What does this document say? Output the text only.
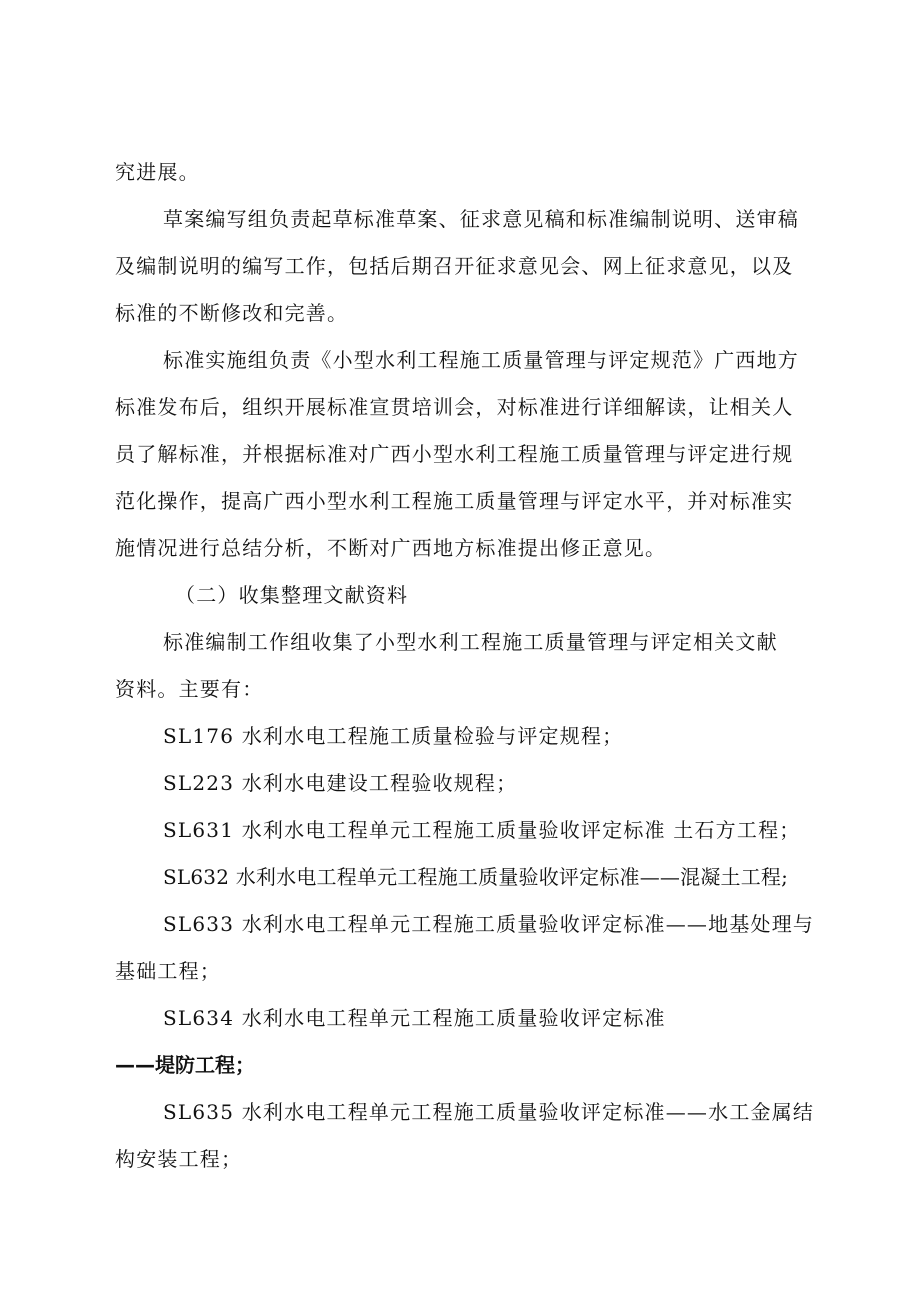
究进展。
草案编写组负责起草标准草案、征求意见稿和标准编制说明、送审稿
及编制说明的编写工作，包括后期召开征求意见会、网上征求意见，以及
标准的不断修改和完善。
标准实施组负责《小型水利工程施工质量管理与评定规范》广西地方
标准发布后，组织开展标准宣贯培训会，对标准进行详细解读，让相关人
员了解标准，并根据标准对广西小型水利工程施工质量管理与评定进行规
范化操作，提高广西小型水利工程施工质量管理与评定水平，并对标准实
施情况进行总结分析，不断对广西地方标准提出修正意见。
（二）收集整理文献资料
标准编制工作组收集了小型水利工程施工质量管理与评定相关文献
资料。主要有：
SL176 水利水电工程施工质量检验与评定规程；
SL223 水利水电建设工程验收规程；
SL631 水利水电工程单元工程施工质量验收评定标准 土石方工程；
SL632 水利水电工程单元工程施工质量验收评定标准——混凝土工程;
SL633 水利水电工程单元工程施工质量验收评定标准——地基处理与
基础工程；
SL634 水利水电工程单元工程施工质量验收评定标准
——堤防工程；
SL635 水利水电工程单元工程施工质量验收评定标准——水工金属结
构安装工程；
